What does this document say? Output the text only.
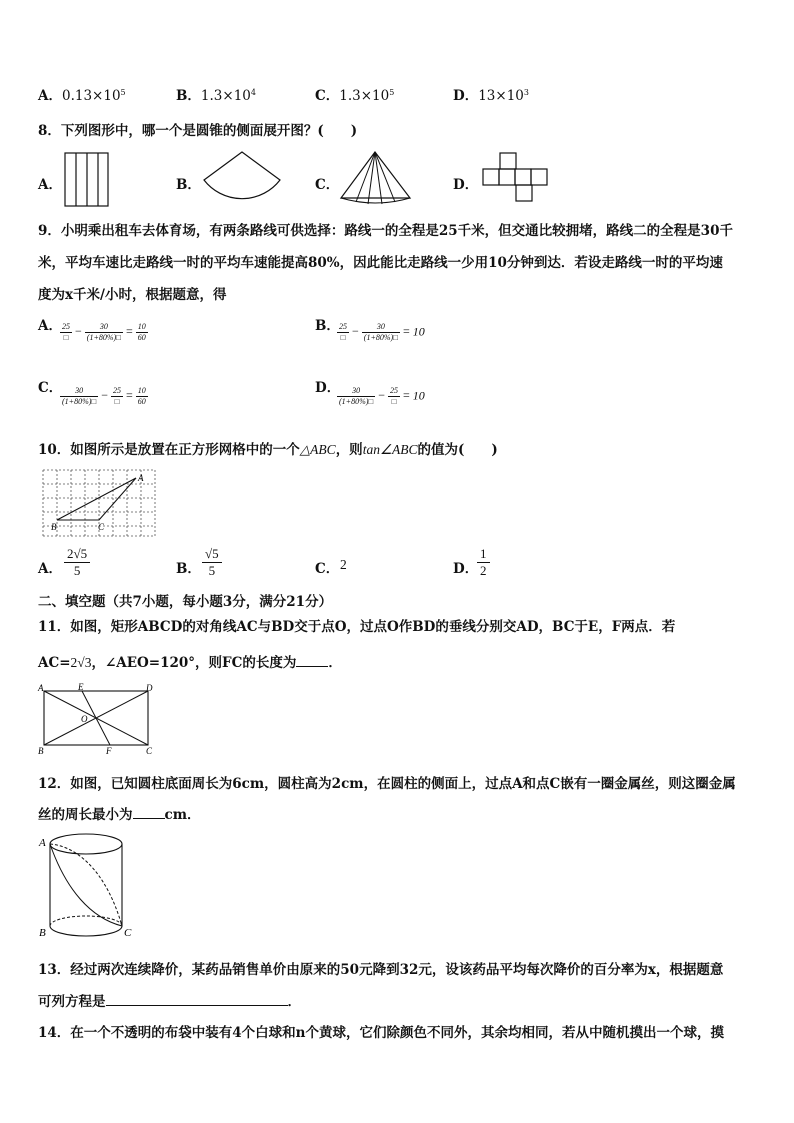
A．$0.13\times 10^5$	B．$1.3\times 10^4$	C．$1.3\times 10^5$	D．$13\times 10^3$
8．下列图形中，哪一个是圆锥的侧面展开图？(　　)
A．	B．	C．	D．
9．小明乘出租车去体育场，有两条路线可供选择：路线一的全程是25千米，但交通比较拥堵，路线二的全程是30千
米，平均车速比走路线一时的平均车速能提高80%，因此能比走路线一少用10分钟到达．若设走路线一时的平均速
度为x千米/小时，根据题意，得
A．
$\frac{25}{□} - \frac{30}{(1+80\%)□} = \frac{10}{60}$	B．
$\frac{25}{□} - \frac{30}{(1+80\%)□} = 10$
C．
$\frac{30}{(1+80\%)□} - \frac{25}{□} = \frac{10}{60}$	D．
$\frac{30}{(1+80\%)□} - \frac{25}{□} = 10$
10．如图所示是放置在正方形网格中的一个△ABC，则tan∠ABC的值为(　　)
A
B	C
A． $\frac{2√5}{5}$	B． $\frac{√5}{5}$	C． 2	D．
$\frac{1}{2}$
二、填空题（共7小题，每小题3分，满分21分）
11．如图，矩形ABCD的对角线AC与BD交于点O，过点O作BD的垂线分别交AD，BC于E，F两点．若
AC=2√3，∠AEO=120°，则FC的长度为 ．
A	E	D
O
B	F	C
12．如图，已知圆柱底面周长为6cm，圆柱高为2cm，在圆柱的侧面上，过点A和点C嵌有一圈金属丝，则这圈金属
丝的周长最小为 cm．
A
B	C
13．经过两次连续降价，某药品销售单价由原来的50元降到32元，设该药品平均每次降价的百分率为x，根据题意
可列方程是	．
14．在一个不透明的布袋中装有4个白球和n个黄球，它们除颜色不同外，其余均相同，若从中随机摸出一个球，摸
